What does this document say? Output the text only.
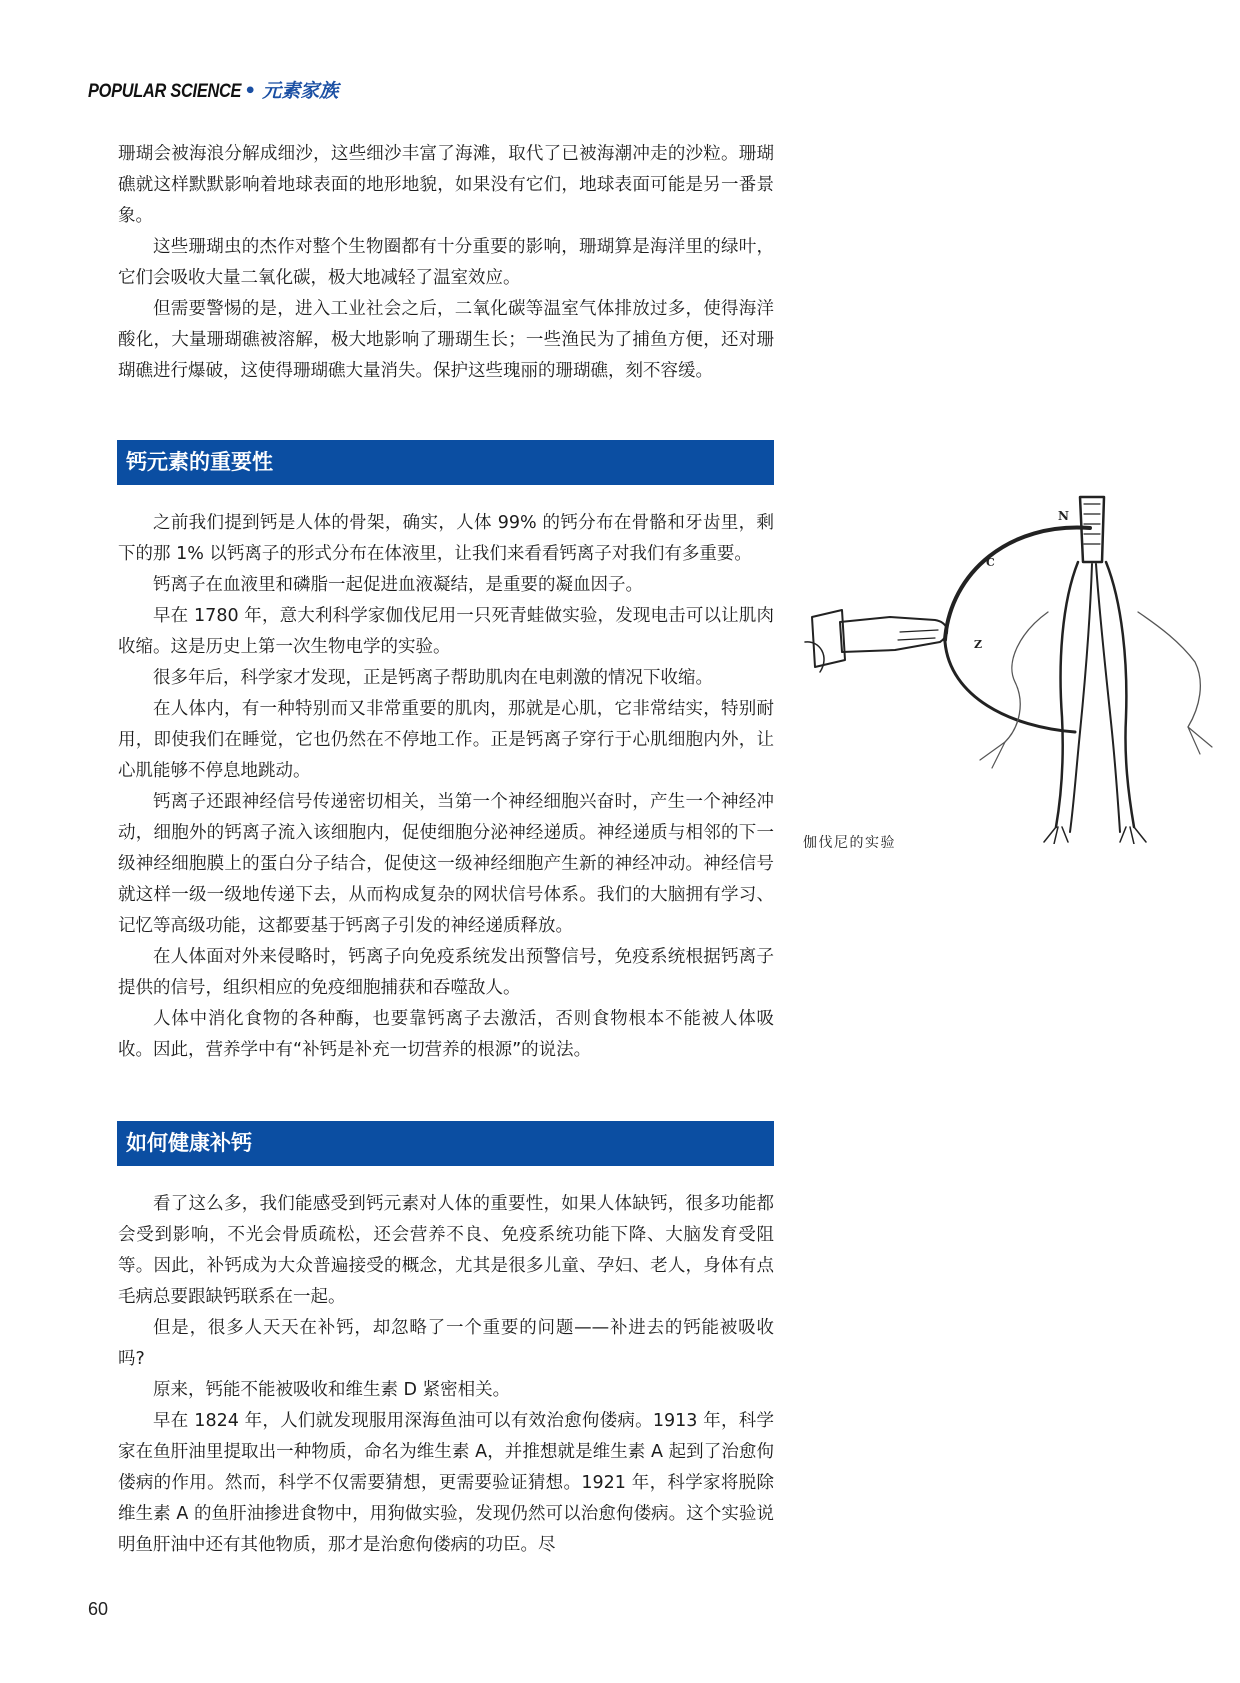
POPULAR SCIENCE • 元素家族

珊瑚会被海浪分解成细沙，这些细沙丰富了海滩，取代了已被海潮冲走的沙粒。珊瑚礁就这样默默影响着地球表面的地形地貌，如果没有它们，地球表面可能是另一番景象。

这些珊瑚虫的杰作对整个生物圈都有十分重要的影响，珊瑚算是海洋里的绿叶，它们会吸收大量二氧化碳，极大地减轻了温室效应。

但需要警惕的是，进入工业社会之后，二氧化碳等温室气体排放过多，使得海洋酸化，大量珊瑚礁被溶解，极大地影响了珊瑚生长；一些渔民为了捕鱼方便，还对珊瑚礁进行爆破，这使得珊瑚礁大量消失。保护这些瑰丽的珊瑚礁，刻不容缓。

钙元素的重要性

之前我们提到钙是人体的骨架，确实，人体 99% 的钙分布在骨骼和牙齿里，剩下的那 1% 以钙离子的形式分布在体液里，让我们来看看钙离子对我们有多重要。

钙离子在血液里和磷脂一起促进血液凝结，是重要的凝血因子。

早在 1780 年，意大利科学家伽伐尼用一只死青蛙做实验，发现电击可以让肌肉收缩。这是历史上第一次生物电学的实验。

很多年后，科学家才发现，正是钙离子帮助肌肉在电刺激的情况下收缩。

在人体内，有一种特别而又非常重要的肌肉，那就是心肌，它非常结实，特别耐用，即使我们在睡觉，它也仍然在不停地工作。正是钙离子穿行于心肌细胞内外，让心肌能够不停息地跳动。

钙离子还跟神经信号传递密切相关，当第一个神经细胞兴奋时，产生一个神经冲动，细胞外的钙离子流入该细胞内，促使细胞分泌神经递质。神经递质与相邻的下一级神经细胞膜上的蛋白分子结合，促使这一级神经细胞产生新的神经冲动。神经信号就这样一级一级地传递下去，从而构成复杂的网状信号体系。我们的大脑拥有学习、记忆等高级功能，这都要基于钙离子引发的神经递质释放。

在人体面对外来侵略时，钙离子向免疫系统发出预警信号，免疫系统根据钙离子提供的信号，组织相应的免疫细胞捕获和吞噬敌人。

人体中消化食物的各种酶，也要靠钙离子去激活，否则食物根本不能被人体吸收。因此，营养学中有“补钙是补充一切营养的根源”的说法。

如何健康补钙

看了这么多，我们能感受到钙元素对人体的重要性，如果人体缺钙，很多功能都会受到影响，不光会骨质疏松，还会营养不良、免疫系统功能下降、大脑发育受阻等。因此，补钙成为大众普遍接受的概念，尤其是很多儿童、孕妇、老人，身体有点毛病总要跟缺钙联系在一起。

但是，很多人天天在补钙，却忽略了一个重要的问题——补进去的钙能被吸收吗?

原来，钙能不能被吸收和维生素 D 紧密相关。

早在 1824 年，人们就发现服用深海鱼油可以有效治愈佝偻病。1913 年，科学家在鱼肝油里提取出一种物质，命名为维生素 A，并推想就是维生素 A 起到了治愈佝偻病的作用。然而，科学不仅需要猜想，更需要验证猜想。1921 年，科学家将脱除维生素 A 的鱼肝油掺进食物中，用狗做实验，发现仍然可以治愈佝偻病。这个实验说明鱼肝油中还有其他物质，那才是治愈佝偻病的功臣。尽

N
C
Z
伽伐尼的实验
60
